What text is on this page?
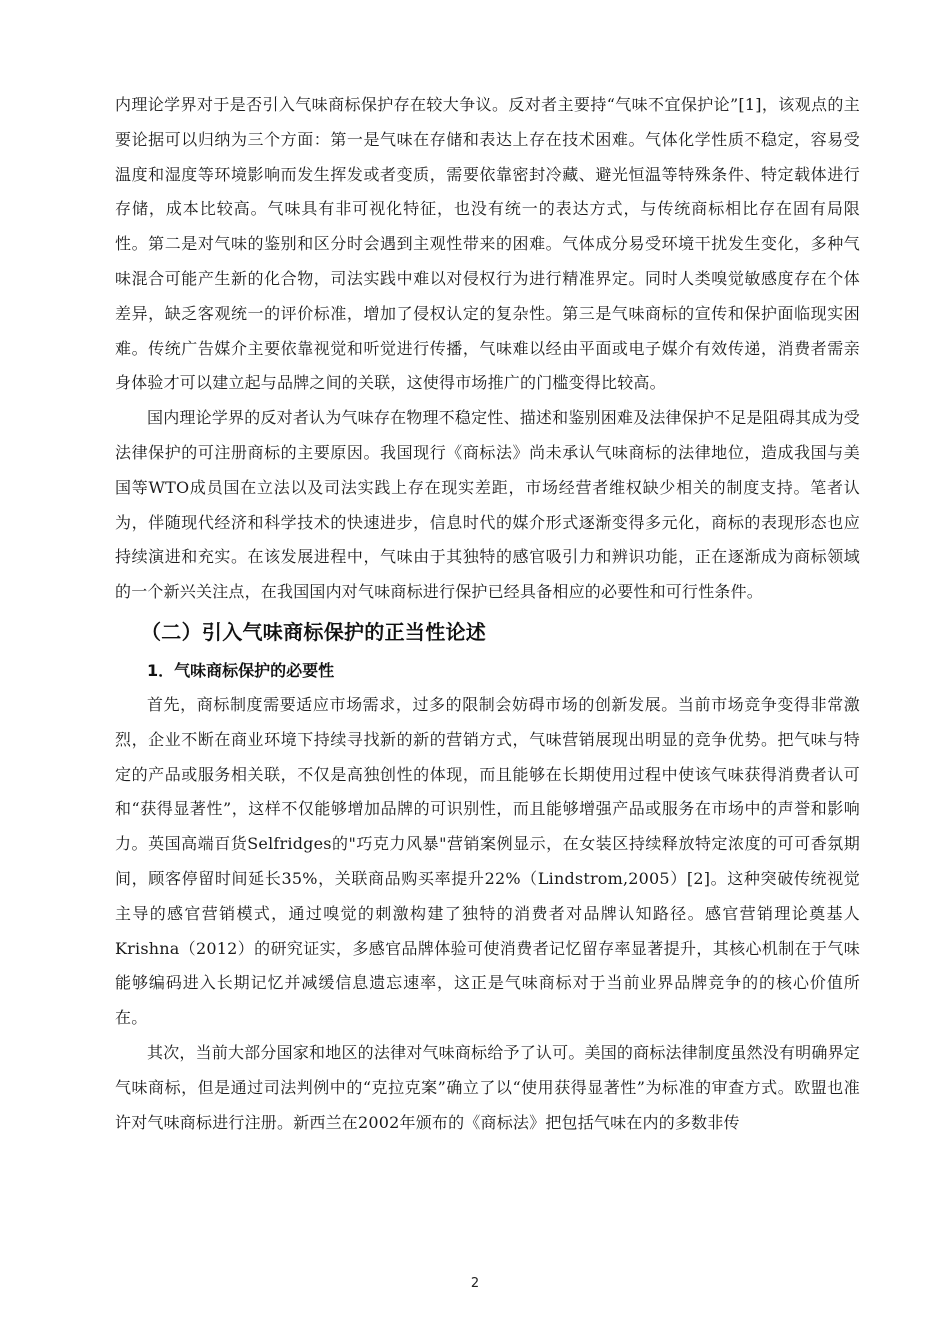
内理论学界对于是否引入气味商标保护存在较大争议。反对者主要持“气味不宜保护论”[1]，该观点的主要论据可以归纳为三个方面：第一是气味在存储和表达上存在技术困难。气体化学性质不稳定，容易受温度和湿度等环境影响而发生挥发或者变质，需要依靠密封冷藏、避光恒温等特殊条件、特定载体进行存储，成本比较高。气味具有非可视化特征，也没有统一的表达方式，与传统商标相比存在固有局限性。第二是对气味的鉴别和区分时会遇到主观性带来的困难。气体成分易受环境干扰发生变化，多种气味混合可能产生新的化合物，司法实践中难以对侵权行为进行精准界定。同时人类嗅觉敏感度存在个体差异，缺乏客观统一的评价标准，增加了侵权认定的复杂性。第三是气味商标的宣传和保护面临现实困难。传统广告媒介主要依靠视觉和听觉进行传播，气味难以经由平面或电子媒介有效传递，消费者需亲身体验才可以建立起与品牌之间的关联，这使得市场推广的门槛变得比较高。

国内理论学界的反对者认为气味存在物理不稳定性、描述和鉴别困难及法律保护不足是阻碍其成为受法律保护的可注册商标的主要原因。我国现行《商标法》尚未承认气味商标的法律地位，造成我国与美国等WTO成员国在立法以及司法实践上存在现实差距，市场经营者维权缺少相关的制度支持。笔者认为，伴随现代经济和科学技术的快速进步，信息时代的媒介形式逐渐变得多元化，商标的表现形态也应持续演进和充实。在该发展进程中，气味由于其独特的感官吸引力和辨识功能，正在逐渐成为商标领域的一个新兴关注点，在我国国内对气味商标进行保护已经具备相应的必要性和可行性条件。

（二）引入气味商标保护的正当性论述
1．气味商标保护的必要性

首先，商标制度需要适应市场需求，过多的限制会妨碍市场的创新发展。当前市场竞争变得非常激烈，企业不断在商业环境下持续寻找新的新的营销方式，气味营销展现出明显的竞争优势。把气味与特定的产品或服务相关联，不仅是高独创性的体现，而且能够在长期使用过程中使该气味获得消费者认可和“获得显著性”，这样不仅能够增加品牌的可识别性，而且能够增强产品或服务在市场中的声誉和影响力。英国高端百货Selfridges的"巧克力风暴"营销案例显示，在女装区持续释放特定浓度的可可香氛期间，顾客停留时间延长35%，关联商品购买率提升22%（Lindstrom,2005）[2]。这种突破传统视觉主导的感官营销模式，通过嗅觉的刺激构建了独特的消费者对品牌认知路径。感官营销理论奠基人Krishna（2012）的研究证实，多感官品牌体验可使消费者记忆留存率显著提升，其核心机制在于气味能够编码进入长期记忆并减缓信息遗忘速率，这正是气味商标对于当前业界品牌竞争的的核心价值所在。

其次，当前大部分国家和地区的法律对气味商标给予了认可。美国的商标法律制度虽然没有明确界定气味商标，但是通过司法判例中的“克拉克案”确立了以“使用获得显著性”为标准的审查方式。欧盟也准许对气味商标进行注册。新西兰在2002年颁布的《商标法》把包括气味在内的多数非传

2
